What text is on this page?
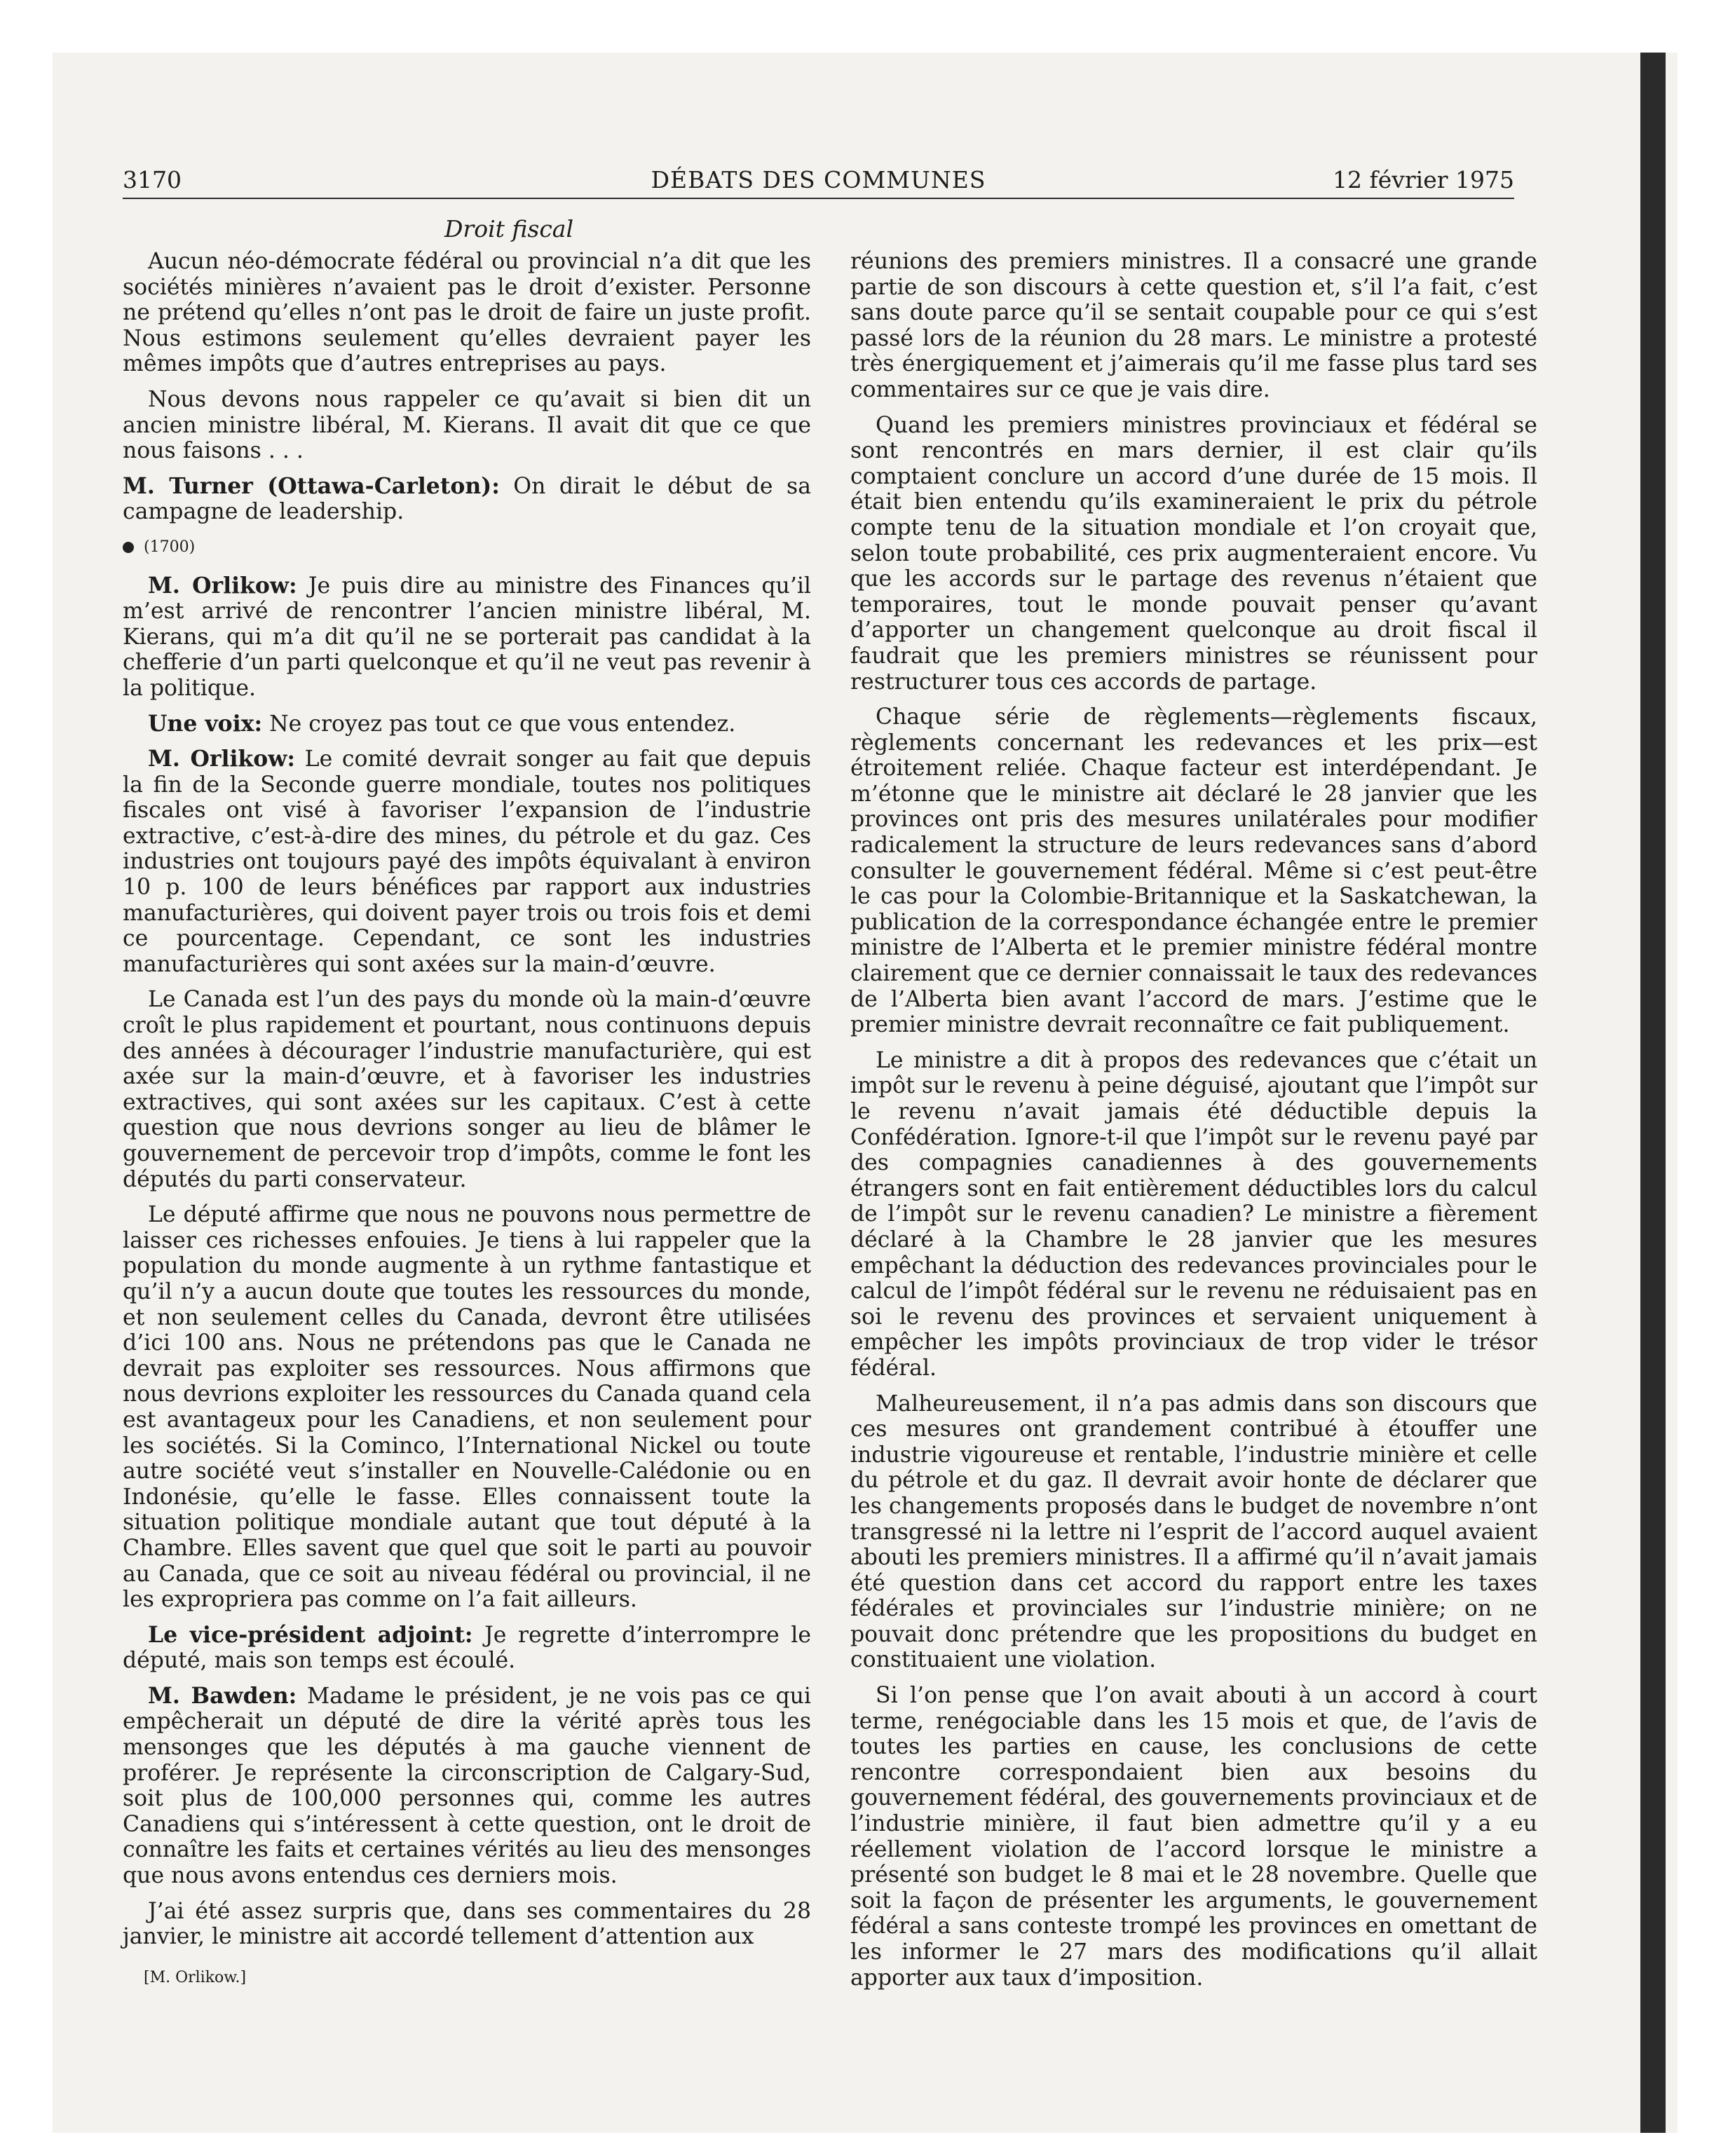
3170	DÉBATS DES COMMUNES	12 février 1975
Droit fiscal

Aucun néo-démocrate fédéral ou provincial n’a dit que les sociétés minières n’avaient pas le droit d’exister. Personne ne prétend qu’elles n’ont pas le droit de faire un juste profit. Nous estimons seulement qu’elles devraient payer les mêmes impôts que d’autres entreprises au pays.

Nous devons nous rappeler ce qu’avait si bien dit un ancien ministre libéral, M. Kierans. Il avait dit que ce que nous faisons . . .

M. Turner (Ottawa-Carleton): On dirait le début de sa campagne de leadership.

(1700)

M. Orlikow: Je puis dire au ministre des Finances qu’il m’est arrivé de rencontrer l’ancien ministre libéral, M. Kierans, qui m’a dit qu’il ne se porterait pas candidat à la chefferie d’un parti quelconque et qu’il ne veut pas revenir à la politique.

Une voix: Ne croyez pas tout ce que vous entendez.

M. Orlikow: Le comité devrait songer au fait que depuis la fin de la Seconde guerre mondiale, toutes nos politiques fiscales ont visé à favoriser l’expansion de l’industrie extractive, c’est-à-dire des mines, du pétrole et du gaz. Ces industries ont toujours payé des impôts équivalant à environ 10 p. 100 de leurs bénéfices par rapport aux industries manufacturières, qui doivent payer trois ou trois fois et demi ce pourcentage. Cependant, ce sont les industries manufacturières qui sont axées sur la main-d’œuvre.

Le Canada est l’un des pays du monde où la main-d’œuvre croît le plus rapidement et pourtant, nous continuons depuis des années à décourager l’industrie manufacturière, qui est axée sur la main-d’œuvre, et à favoriser les industries extractives, qui sont axées sur les capitaux. C’est à cette question que nous devrions songer au lieu de blâmer le gouvernement de percevoir trop d’impôts, comme le font les députés du parti conservateur.

Le député affirme que nous ne pouvons nous permettre de laisser ces richesses enfouies. Je tiens à lui rappeler que la population du monde augmente à un rythme fantastique et qu’il n’y a aucun doute que toutes les ressources du monde, et non seulement celles du Canada, devront être utilisées d’ici 100 ans. Nous ne prétendons pas que le Canada ne devrait pas exploiter ses ressources. Nous affirmons que nous devrions exploiter les ressources du Canada quand cela est avantageux pour les Canadiens, et non seulement pour les sociétés. Si la Cominco, l’International Nickel ou toute autre société veut s’installer en Nouvelle-Calédonie ou en Indonésie, qu’elle le fasse. Elles connaissent toute la situation politique mondiale autant que tout député à la Chambre. Elles savent que quel que soit le parti au pouvoir au Canada, que ce soit au niveau fédéral ou provincial, il ne les expropriera pas comme on l’a fait ailleurs.

Le vice-président adjoint: Je regrette d’interrompre le député, mais son temps est écoulé.

M. Bawden: Madame le président, je ne vois pas ce qui empêcherait un député de dire la vérité après tous les mensonges que les députés à ma gauche viennent de proférer. Je représente la circonscription de Calgary-Sud, soit plus de 100,000 personnes qui, comme les autres Canadiens qui s’intéressent à cette question, ont le droit de connaître les faits et certaines vérités au lieu des mensonges que nous avons entendus ces derniers mois.

J’ai été assez surpris que, dans ses commentaires du 28 janvier, le ministre ait accordé tellement d’attention aux

[M. Orlikow.]

réunions des premiers ministres. Il a consacré une grande partie de son discours à cette question et, s’il l’a fait, c’est sans doute parce qu’il se sentait coupable pour ce qui s’est passé lors de la réunion du 28 mars. Le ministre a protesté très énergiquement et j’aimerais qu’il me fasse plus tard ses commentaires sur ce que je vais dire.

Quand les premiers ministres provinciaux et fédéral se sont rencontrés en mars dernier, il est clair qu’ils comptaient conclure un accord d’une durée de 15 mois. Il était bien entendu qu’ils examineraient le prix du pétrole compte tenu de la situation mondiale et l’on croyait que, selon toute probabilité, ces prix augmenteraient encore. Vu que les accords sur le partage des revenus n’étaient que temporaires, tout le monde pouvait penser qu’avant d’apporter un changement quelconque au droit fiscal il faudrait que les premiers ministres se réunissent pour restructurer tous ces accords de partage.

Chaque série de règlements—règlements fiscaux, règlements concernant les redevances et les prix—est étroitement reliée. Chaque facteur est interdépendant. Je m’étonne que le ministre ait déclaré le 28 janvier que les provinces ont pris des mesures unilatérales pour modifier radicalement la structure de leurs redevances sans d’abord consulter le gouvernement fédéral. Même si c’est peut-être le cas pour la Colombie-Britannique et la Saskatchewan, la publication de la correspondance échangée entre le premier ministre de l’Alberta et le premier ministre fédéral montre clairement que ce dernier connaissait le taux des redevances de l’Alberta bien avant l’accord de mars. J’estime que le premier ministre devrait reconnaître ce fait publiquement.

Le ministre a dit à propos des redevances que c’était un impôt sur le revenu à peine déguisé, ajoutant que l’impôt sur le revenu n’avait jamais été déductible depuis la Confédération. Ignore-t-il que l’impôt sur le revenu payé par des compagnies canadiennes à des gouvernements étrangers sont en fait entièrement déductibles lors du calcul de l’impôt sur le revenu canadien? Le ministre a fièrement déclaré à la Chambre le 28 janvier que les mesures empêchant la déduction des redevances provinciales pour le calcul de l’impôt fédéral sur le revenu ne réduisaient pas en soi le revenu des provinces et servaient uniquement à empêcher les impôts provinciaux de trop vider le trésor fédéral.

Malheureusement, il n’a pas admis dans son discours que ces mesures ont grandement contribué à étouffer une industrie vigoureuse et rentable, l’industrie minière et celle du pétrole et du gaz. Il devrait avoir honte de déclarer que les changements proposés dans le budget de novembre n’ont transgressé ni la lettre ni l’esprit de l’accord auquel avaient abouti les premiers ministres. Il a affirmé qu’il n’avait jamais été question dans cet accord du rapport entre les taxes fédérales et provinciales sur l’industrie minière; on ne pouvait donc prétendre que les propositions du budget en constituaient une violation.

Si l’on pense que l’on avait abouti à un accord à court terme, renégociable dans les 15 mois et que, de l’avis de toutes les parties en cause, les conclusions de cette rencontre correspondaient bien aux besoins du gouvernement fédéral, des gouvernements provinciaux et de l’industrie minière, il faut bien admettre qu’il y a eu réellement violation de l’accord lorsque le ministre a présenté son budget le 8 mai et le 28 novembre. Quelle que soit la façon de présenter les arguments, le gouvernement fédéral a sans conteste trompé les provinces en omettant de les informer le 27 mars des modifications qu’il allait apporter aux taux d’imposition.
